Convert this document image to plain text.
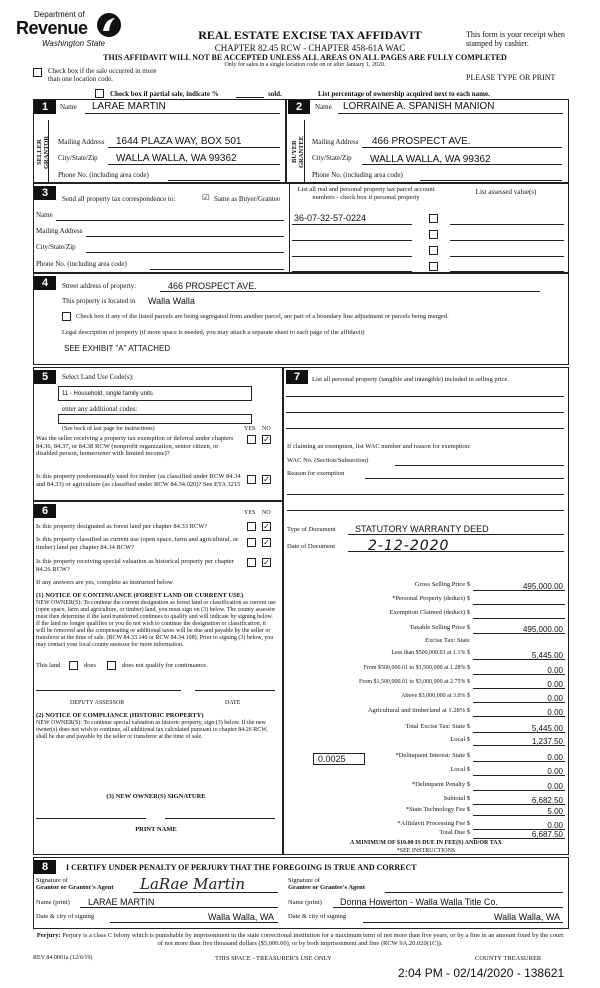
Department of
Revenue
Washington State
REAL ESTATE EXCISE TAX AFFIDAVIT
CHAPTER 82.45 RCW - CHAPTER 458-61A WAC
This form is your receipt when stamped by cashier.
THIS AFFIDAVIT WILL NOT BE ACCEPTED UNLESS ALL AREAS ON ALL PAGES ARE FULLY COMPLETED
Only for sales in a single location code on or after January 1, 2020.
Check box if the sale occurred in more than one location code.	PLEASE TYPE OR PRINT
Check box if partial sale, indicate %	sold.	List percentage of ownership acquired next to each name.
1	Name LARAE MARTIN
SELLER GRANTOR Mailing Address 1644 PLAZA WAY, BOX 501
City/State/Zip WALLA WALLA, WA 99362
Phone No. (including area code)
2	Name LORRAINE A. SPANISH MANION
BUYER GRANTEE Mailing Address 466 PROSPECT AVE.
City/State/Zip WALLA WALLA, WA 99362
Phone No. (including area code)
3	Send all property tax correspondence to:	☑ Same as Buyer/Grantee
Name
Mailing Address
City/State/Zip
Phone No. (including area code)
List all real and personal property tax parcel account numbers - check box if personal property
List assessed value(s)
36-07-32-57-0224
4	Street address of property:	466 PROSPECT AVE.
This property is located in Walla Walla
Check box if any of the listed parcels are being segregated from another parcel, are part of a boundary line adjustment or parcels being merged.
Legal description of property (if more space is needed, you may attach a separate sheet to each page of the affidavit)
SEE EXHIBIT "A" ATTACHED
5	Select Land Use Code(s):
11 - Household, single family units
enter any additional codes:
(See back of last page for instructions)	YES NO
Was the seller receiving a property tax exemption or deferral under chapters 84.36, 84.37, or 84.38 RCW (nonprofit organization, senior citizen, or disabled person, homeowner with limited income)?
✓
Is this property predominantly used for timber (as classified under RCW 84.34 and 84.33) or agriculture (as classified under RCW 84.34.020)? See ETA 3215	✓
6	YES NO
Is this property designated as forest land per chapter 84.33 RCW?	✓
Is this property classified as current use (open space, farm and agricultural, or timber) land per chapter 84.34 RCW?	✓
Is this property receiving special valuation as historical property per chapter 84.26 RCW?
✓
If any answers are yes, complete as instructed below.
(1) NOTICE OF CONTINUANCE (FOREST LAND OR CURRENT USE)
NEW OWNER(S): To continue the current designation as forest land or classification as current use (open space, farm and agriculture, or timber) land, you must sign on (3) below. The county assessor must then determine if the land transferred continues to qualify and will indicate by signing below. If the land no longer qualifies or you do not wish to continue the designation or classification, it will be removed and the compensating or additional taxes will be due and payable by the seller or transferor at the time of sale. (RCW 84.33.140 or RCW 84.34.108). Prior to signing (3) below, you may contact your local county assessor for more information.
This land	does	does not qualify for continuance.
DEPUTY ASSESSOR	DATE
(2) NOTICE OF COMPLIANCE (HISTORIC PROPERTY)
NEW OWNER(S): To continue special valuation as historic property, sign (3) below. If the new owner(s) does not wish to continue, all additional tax calculated pursuant to chapter 84.26 RCW, shall be due and payable by the seller or transferor at the time of sale.
(3) NEW OWNER(S) SIGNATURE
PRINT NAME
7	List all personal property (tangible and intangible) included in selling price.
If claiming an exemption, list WAC number and reason for exemption:
WAC No. (Section/Subsection)
Reason for exemption
Type of Document STATUTORY WARRANTY DEED
Date of Document 2-12-2020
Gross Selling Price $	495,000.00
*Personal Property (deduct) $
Exemption Claimed (deduct) $
Taxable Selling Price $	495,000.00
Excise Tax: State
Less than $500,000.01 at 1.1% $	5,445.00
From $500,000.01 to $1,500,000 at 1.28% $	0.00
From $1,500,000.01 to $3,000,000 at 2.75% $	0.00
Above $3,000,000 at 3.0% $	0.00
Agricultural and timberland at 1.28% $	0.00
Total Excise Tax: State $	5,445.00
Local $	1,237.50
*Delinquent Interest: State $	0.00
Local $	0.00
*Delinquent Penalty $	0.00
Subtotal $	6,682.50
*State Technology Fee $	5.00
*Affidavit Processing Fee $	0.00
Total Due $	6,687.50
0.0025
A MINIMUM OF $10.00 IS DUE IN FEE(S) AND/OR TAX
*SEE INSTRUCTIONS
8	I CERTIFY UNDER PENALTY OF PERJURY THAT THE FOREGOING IS TRUE AND CORRECT
Signature of
Grantor or Grantor's Agent LaRae Martin	Signature of
Grantee or Grantee's Agent
Name (print) LARAE MARTIN	Name (print) Donna Howerton - Walla Walla Title Co.
Date & city of signing	Walla Walla, WA Date & city of signing	Walla Walla, WA
Perjury: Perjury is a class C felony which is punishable by imprisonment in the state correctional institution for a maximum term of not more than five years, or by a fine in an amount fixed by the court of not more than five thousand dollars ($5,000.00), or by both imprisonment and fine (RCW 9A.20.020(1C)).
REV 84 0001a (12/6/19)	THIS SPACE - TREASURER'S USE ONLY	COUNTY TREASURER
2:04 PM - 02/14/2020 - 138621
